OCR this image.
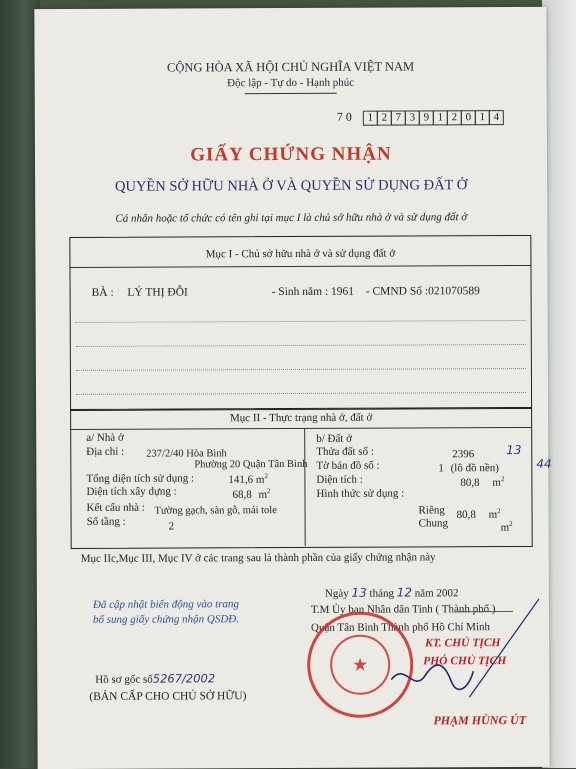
CỘNG HÒA XÃ HỘI CHỦ NGHĨA VIỆT NAM
Độc lập - Tự do - Hạnh phúc
7 0 1 2 7 3 9 1 2 0 1 4
GIẤY CHỨNG NHẬN
QUYỀN SỞ HỮU NHÀ Ở VÀ QUYỀN SỬ DỤNG ĐẤT Ở
Cá nhân hoặc tổ chức có tên ghi tại mục I là chủ sở hữu nhà ở và sử dụng đất ở
Mục I - Chủ sở hữu nhà ở và sử dụng đất ở
BÀ : LÝ THỊ ĐỖI	- Sinh năm : 1961 - CMND Số :021070589
Mục II - Thực trạng nhà ở, đất ở
a/ Nhà ở
Địa chỉ : 237/2/40 Hòa Bình
Phường 20 Quận Tân Bình
Tổng diện tích sử dụng :	141,6 $m^2$
Diện tích xây dựng :	68,8 $m^2$
Kết cấu nhà : Tường gạch, sàn gỗ, mái tole
Số tầng :	2
b/ Đất ở
Thửa đất số :	2396	13
Tờ bản đồ số :	1 (lô đồ nền)	44
Diện tích :	80,8 $m^2$
Hình thức sử dụng :
Riêng 80,8 $m^2$
Chung	$m^2$
Mục IIc,Mục III, Mục IV ở các trang sau là thành phần của giấy chứng nhận này
Ngày 13 tháng 12 năm 2002
T.M Ủy ban Nhân dân Tỉnh ( Thành phố )
Quận Tân Bình Thành phố Hồ Chí Minh
KT. CHỦ TỊCH
PHÓ CHỦ TỊCH
★
PHẠM HÙNG ÚT
Đã cập nhật biến động vào trang
bổ sung giấy chứng nhận QSDĐ.
Hồ sơ gốc số5267/2002
(BẢN CẤP CHO CHỦ SỞ HỮU)
